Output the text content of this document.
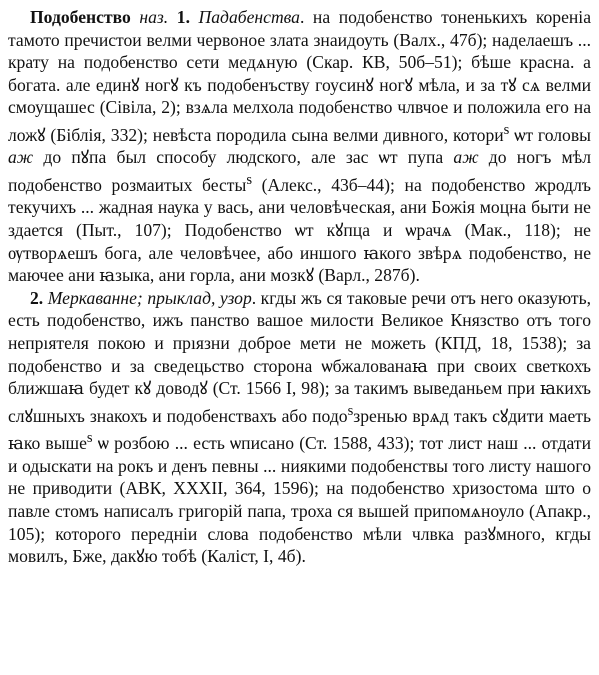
Подобенство наз. 1. Падабенства. на подобенство тоненькихъ кореніа тамото пречистои велми червоное злата знаидоуть (Валх., 47б); наделаешъ ... крату на подобенство сети медѧную (Скар. КВ, 50б–51); бѣше красна. а богата. але единꙋ ногꙋ къ подобенъству гоусинꙋ ногꙋ мѣла, и за тꙋ сѧ велми смоущашес (Сівіла, 2); взѧла мелхола подобенство члвчое и положила его на ложꙋ (Біблія, 332); невѣста породила сына велми дивного, котори$^s$ ѡт головы аж до пꙋпа был способу людского, але зас ѡт пупа аж до ногъ мѣл подобенство розмаитых бесты$^s$ (Алекс., 43б–44); на подобенство жродлъ текучихъ ... жадная наука у вась, ани человѣческая, ани Божія моцна быти не здается (Пыт., 107); Подобенство ѡт кꙋпца и ѡрачѧ (Мак., 118); не ѹтворѧешъ бога, але человѣчее, або иншого ꙗкого звѣрѧ подобенство, не маючее ани ꙗзыка, ани горла, ани мозкꙋ (Варл., 287б).

2. Меркаванне; прыклад, узор. кгды жъ ся таковые речи отъ него оказують, есть подобенство, ижъ панство вашое милости Великое Князство отъ того непрıятеля покою и прıязни доброе мети не можеть (КПД, 18, 1538); за подобенство и за сведецьство сторона ѡбжалованаꙗ при своих светкохъ ближшаꙗ будет кꙋ доводꙋ (Ст. 1566 I, 98); за такимъ выведаньем при ꙗкихъ слꙋшныхъ знакохъ и подобенствахъ або подо$^s$зренью врѧд такъ сꙋдити маеть ꙗко выше$^s$ ѡ розбою ... есть ѡписано (Ст. 1588, 433); тот лист наш ... отдати и одыскати на рокъ и денъ певны ... ниякими подобенствы того листу нашого не приводити (АВК, XXXII, 364, 1596); на подобенство хризостома што о павле стомъ написалъ григорій папа, троха ся вышей припомѧноуло (Апакр., 105); которого передніи слова подобенство мѣли члвка разꙋмного, кгды мовилъ, Бже, дакꙋю тобѣ (Каліст, I, 4б).
